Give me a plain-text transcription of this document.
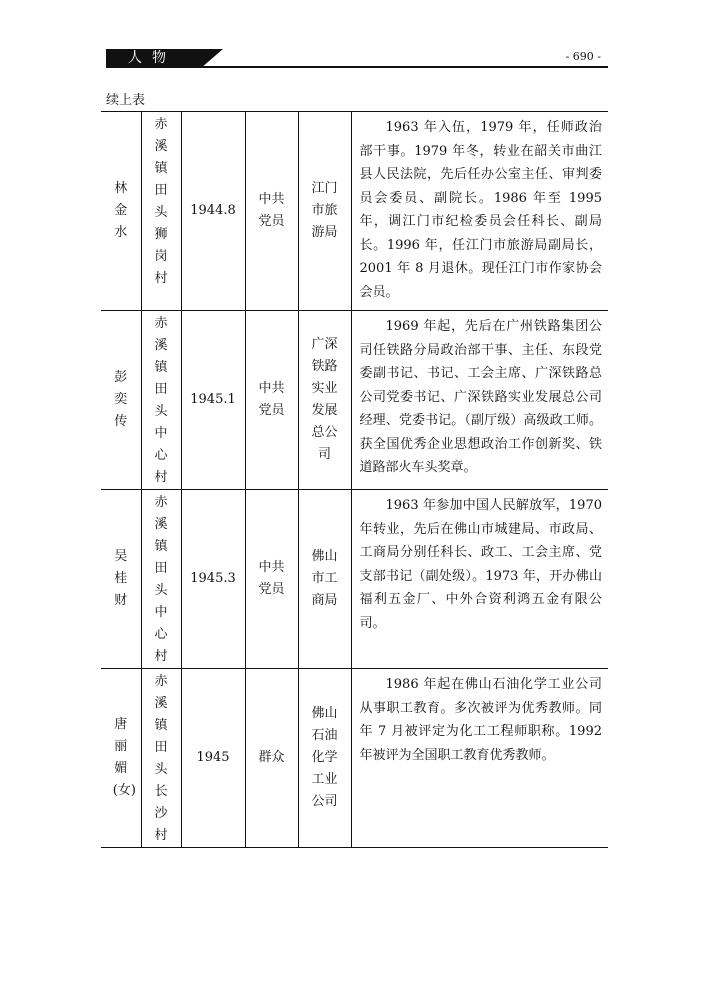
人物	- 690 -
续上表
林金水	赤溪镇田头狮岗村	1944.8	中共党员	江门市旅游局	1963 年入伍，1979 年，任师政治部干事。1979 年冬，转业在韶关市曲江县人民法院，先后任办公室主任、审判委员会委员、副院长。1986 年至 1995 年，调江门市纪检委员会任科长、副局长。1996 年，任江门市旅游局副局长，2001 年 8 月退休。现任江门市作家协会会员。

彭奕传	赤溪镇田头中心村	1945.1	中共党员	广深铁路实业发展总公司	1969 年起，先后在广州铁路集团公司任铁路分局政治部干事、主任、东段党委副书记、书记、工会主席、广深铁路总公司党委书记、广深铁路实业发展总公司经理、党委书记。（副厅级）高级政工师。获全国优秀企业思想政治工作创新奖、铁道路部火车头奖章。

吴桂财	赤溪镇田头中心村	1945.3	中共党员	佛山市工商局	1963 年参加中国人民解放军，1970 年转业，先后在佛山市城建局、市政局、工商局分别任科长、政工、工会主席、党支部书记（副处级）。1973 年，开办佛山福利五金厂、中外合资利鸿五金有限公司。

唐丽媚(女)	赤溪镇田头长沙村	1945	群众	佛山石油化学工业公司	1986 年起在佛山石油化学工业公司从事职工教育。多次被评为优秀教师。同年 7 月被评定为化工工程师职称。1992 年被评为全国职工教育优秀教师。
